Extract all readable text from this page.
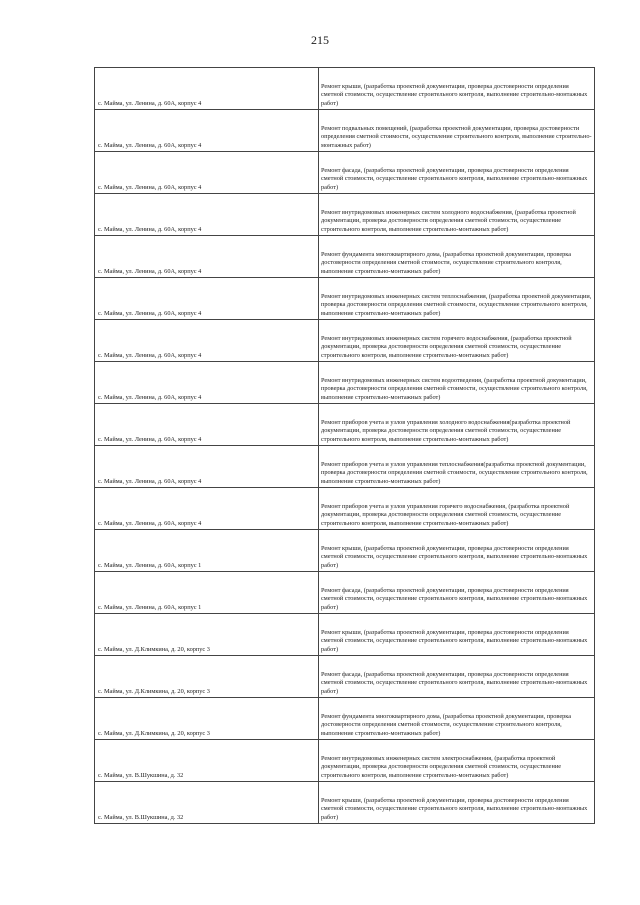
215
с. Майма, ул. Ленина, д. 60А, корпус 4	Ремонт крыши, (разработка проектной документации, проверка достоверности определения сметной стоимости, осуществление строительного контроля, выполнение строительно-монтажных работ)
с. Майма, ул. Ленина, д. 60А, корпус 4	Ремонт подвальных помещений, (разработка проектной документации, проверка достоверности определения сметной стоимости, осуществление строительного контроля, выполнение строительно-монтажных работ)
с. Майма, ул. Ленина, д. 60А, корпус 4	Ремонт фасада, (разработка проектной документации, проверка достоверности определения сметной стоимости, осуществление строительного контроля, выполнение строительно-монтажных работ)
с. Майма, ул. Ленина, д. 60А, корпус 4	Ремонт внутридомовых инженерных систем холодного водоснабжения, (разработка проектной документации, проверка достоверности определения сметной стоимости, осуществление строительного контроля, выполнение строительно-монтажных работ)
с. Майма, ул. Ленина, д. 60А, корпус 4	Ремонт фундамента многоквартирного дома, (разработка проектной документации, проверка достоверности определения сметной стоимости, осуществление строительного контроля, выполнение строительно-монтажных работ)
с. Майма, ул. Ленина, д. 60А, корпус 4	Ремонт внутридомовых инженерных систем теплоснабжения, (разработка проектной документации, проверка достоверности определения сметной стоимости, осуществление строительного контроля, выполнение строительно-монтажных работ)
с. Майма, ул. Ленина, д. 60А, корпус 4	Ремонт внутридомовых инженерных систем горячего водоснабжения, (разработка проектной документации, проверка достоверности определения сметной стоимости, осуществление строительного контроля, выполнение строительно-монтажных работ)
с. Майма, ул. Ленина, д. 60А, корпус 4	Ремонт внутридомовых инженерных систем водоотведения, (разработка проектной документации, проверка достоверности определения сметной стоимости, осуществление строительного контроля, выполнение строительно-монтажных работ)
с. Майма, ул. Ленина, д. 60А, корпус 4	Ремонт приборов учета и узлов управления холодного водоснабжения(разработка проектной документации, проверка достоверности определения сметной стоимости, осуществление строительного контроля, выполнение строительно-монтажных работ)
с. Майма, ул. Ленина, д. 60А, корпус 4	Ремонт приборов учета и узлов управления теплоснабжения(разработка проектной документации, проверка достоверности определения сметной стоимости, осуществление строительного контроля, выполнение строительно-монтажных работ)
с. Майма, ул. Ленина, д. 60А, корпус 4	Ремонт приборов учета и узлов управления горячего водоснабжения, (разработка проектной документации, проверка достоверности определения сметной стоимости, осуществление строительного контроля, выполнение строительно-монтажных работ)
с. Майма, ул. Ленина, д. 60А, корпус 1	Ремонт крыши, (разработка проектной документации, проверка достоверности определения сметной стоимости, осуществление строительного контроля, выполнение строительно-монтажных работ)
с. Майма, ул. Ленина, д. 60А, корпус 1	Ремонт фасада, (разработка проектной документации, проверка достоверности определения сметной стоимости, осуществление строительного контроля, выполнение строительно-монтажных работ)
с. Майма, ул. Д.Климкина, д. 20, корпус 3	Ремонт крыши, (разработка проектной документации, проверка достоверности определения сметной стоимости, осуществление строительного контроля, выполнение строительно-монтажных работ)
с. Майма, ул. Д.Климкина, д. 20, корпус 3	Ремонт фасада, (разработка проектной документации, проверка достоверности определения сметной стоимости, осуществление строительного контроля, выполнение строительно-монтажных работ)
с. Майма, ул. Д.Климкина, д. 20, корпус 3	Ремонт фундамента многоквартирного дома, (разработка проектной документации, проверка достоверности определения сметной стоимости, осуществление строительного контроля, выполнение строительно-монтажных работ)
с. Майма, ул. В.Шукшина, д. 32	Ремонт внутридомовых инженерных систем электроснабжения, (разработка проектной документации, проверка достоверности определения сметной стоимости, осуществление строительного контроля, выполнение строительно-монтажных работ)
с. Майма, ул. В.Шукшина, д. 32	Ремонт крыши, (разработка проектной документации, проверка достоверности определения сметной стоимости, осуществление строительного контроля, выполнение строительно-монтажных работ)
